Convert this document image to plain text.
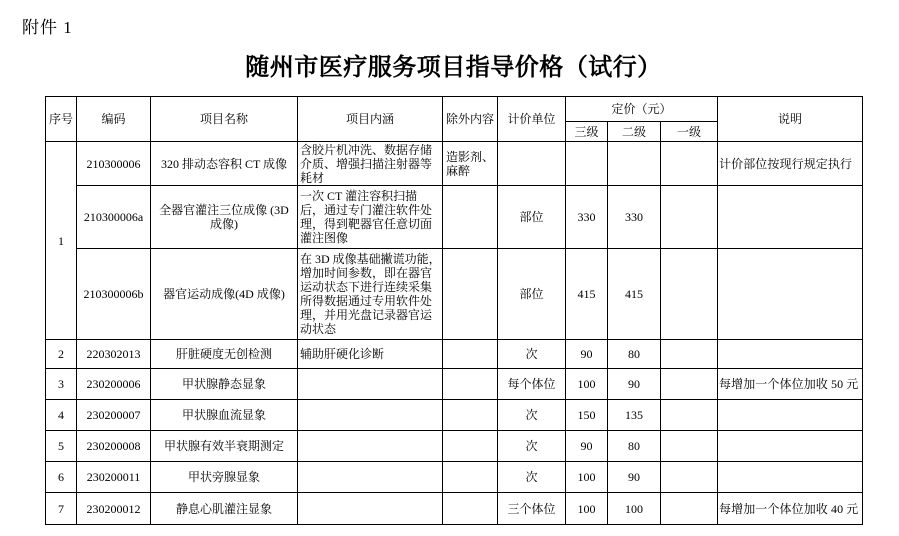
附件 1
随州市医疗服务项目指导价格（试行）
序号	编码	项目名称	项目内涵	除外内容	计价单位	定价（元）			说明
						三级	二级	一级	
1	210300006	320 排动态容积 CT 成像	含胶片机冲洗、数据存储介质、增强扫描注射器等耗材	造影剂、麻醉					计价部位按现行规定执行
	210300006a	全器官灌注三位成像 (3D 成像)	一次 CT 灌注容积扫描后，通过专门灌注软件处理，得到靶器官任意切面灌注图像		部位	330	330		
	210300006b	器官运动成像(4D 成像)	在 3D 成像基础撇谎功能，增加时间参数，即在器官运动状态下进行连续采集所得数据通过专用软件处理，并用光盘记录器官运动状态		部位	415	415		
2	220302013	肝脏硬度无创检测	辅助肝硬化诊断		次	90	80		
3	230200006	甲状腺静态显象			每个体位	100	90		每增加一个体位加收 50 元
4	230200007	甲状腺血流显象			次	150	135		
5	230200008	甲状腺有效半衰期测定			次	90	80		
6	230200011	甲状旁腺显象			次	100	90		
7	230200012	静息心肌灌注显象			三个体位	100	100		每增加一个体位加收 40 元
